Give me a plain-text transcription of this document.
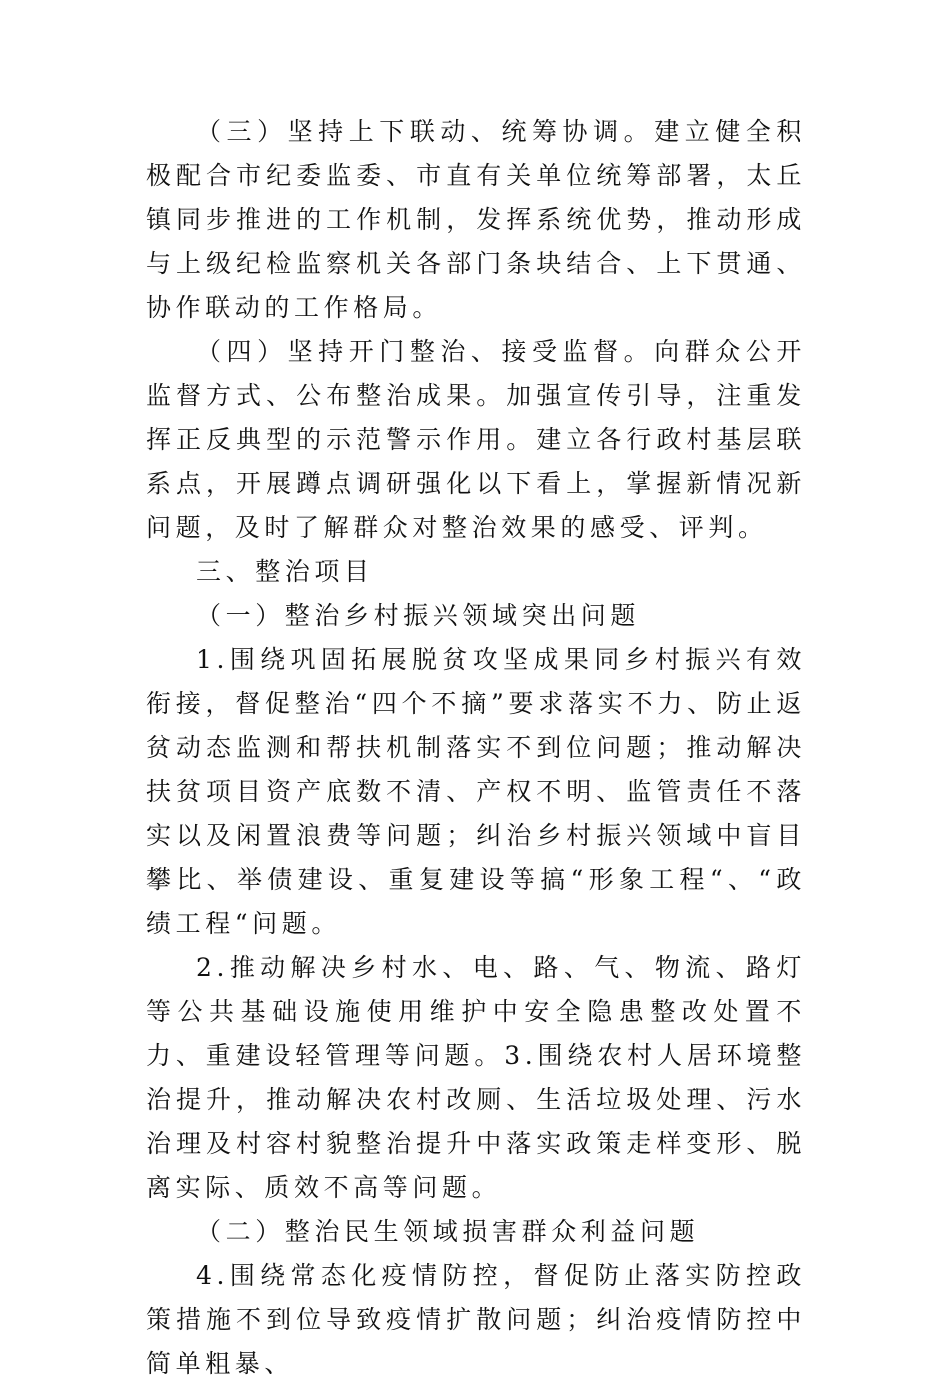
（三）坚持上下联动、统筹协调。建立健全积极配合市纪委监委、市直有关单位统筹部署，太丘镇同步推进的工作机制，发挥系统优势，推动形成与上级纪检监察机关各部门条块结合、上下贯通、协作联动的工作格局。

（四）坚持开门整治、接受监督。向群众公开监督方式、公布整治成果。加强宣传引导，注重发挥正反典型的示范警示作用。建立各行政村基层联系点，开展蹲点调研强化以下看上，掌握新情况新问题，及时了解群众对整治效果的感受、评判。

三、整治项目

（一）整治乡村振兴领域突出问题

1.围绕巩固拓展脱贫攻坚成果同乡村振兴有效衔接，督促整治“四个不摘”要求落实不力、防止返贫动态监测和帮扶机制落实不到位问题；推动解决扶贫项目资产底数不清、产权不明、监管责任不落实以及闲置浪费等问题；纠治乡村振兴领域中盲目攀比、举债建设、重复建设等搞“形象工程“、“政绩工程“问题。

2.推动解决乡村水、电、路、气、物流、路灯等公共基础设施使用维护中安全隐患整改处置不力、重建设轻管理等问题。3.围绕农村人居环境整治提升，推动解决农村改厕、生活垃圾处理、污水治理及村容村貌整治提升中落实政策走样变形、脱离实际、质效不高等问题。

（二）整治民生领域损害群众利益问题

4.围绕常态化疫情防控，督促防止落实防控政策措施不到位导致疫情扩散问题；纠治疫情防控中简单粗暴、
